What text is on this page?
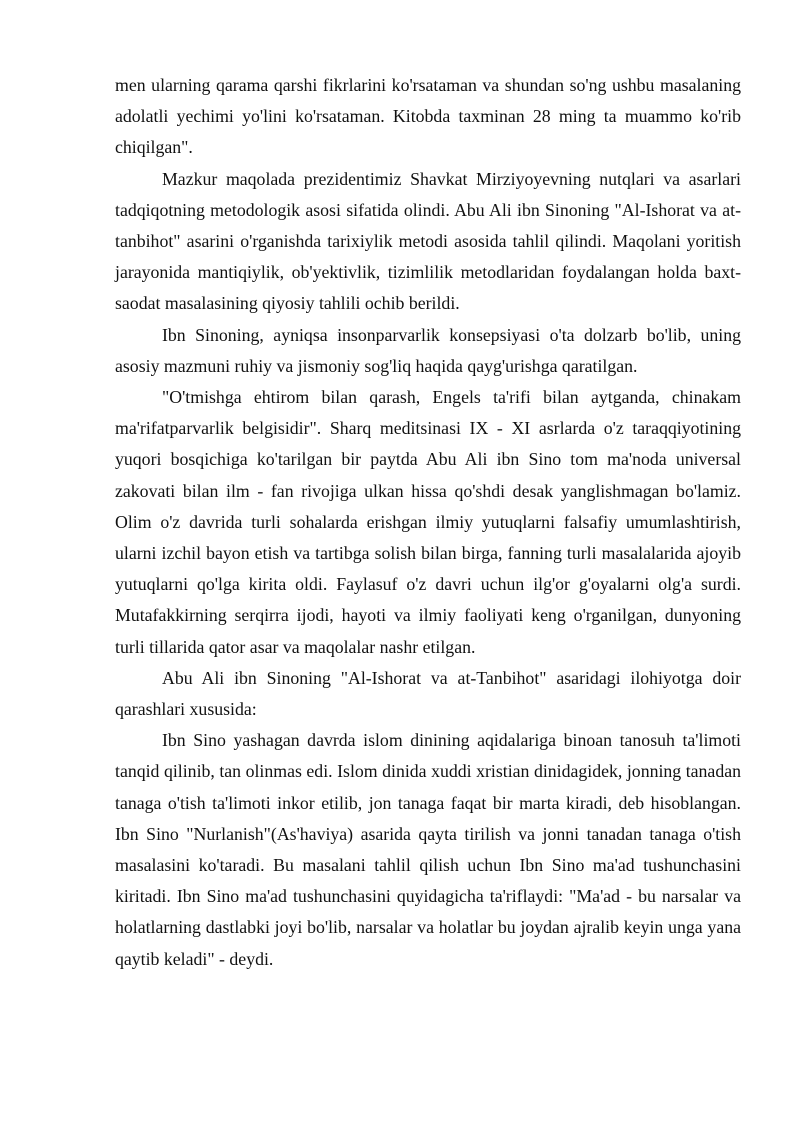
men ularning qarama qarshi fikrlarini ko'rsataman va shundan so'ng ushbu masalaning adolatli yechimi yo'lini ko'rsataman. Kitobda taxminan 28 ming ta muammo ko'rib chiqilgan".

Mazkur maqolada prezidentimiz Shavkat Mirziyoyevning nutqlari va asarlari tadqiqotning metodologik asosi sifatida olindi. Abu Ali ibn Sinoning "Al-Ishorat va at-tanbihot" asarini o'rganishda tarixiylik metodi asosida tahlil qilindi. Maqolani yoritish jarayonida mantiqiylik, ob'yektivlik, tizimlilik metodlaridan foydalangan holda baxt-saodat masalasining qiyosiy tahlili ochib berildi.

Ibn Sinoning, ayniqsa insonparvarlik konsepsiyasi o'ta dolzarb bo'lib, uning asosiy mazmuni ruhiy va jismoniy sog'liq haqida qayg'urishga qaratilgan.

"O'tmishga ehtirom bilan qarash, Engels ta'rifi bilan aytganda, chinakam ma'rifatparvarlik belgisidir". Sharq meditsinasi IX - XI asrlarda o'z taraqqiyotining yuqori bosqichiga ko'tarilgan bir paytda Abu Ali ibn Sino tom ma'noda universal zakovati bilan ilm - fan rivojiga ulkan hissa qo'shdi desak yanglishmagan bo'lamiz. Olim o'z davrida turli sohalarda erishgan ilmiy yutuqlarni falsafiy umumlashtirish, ularni izchil bayon etish va tartibga solish bilan birga, fanning turli masalalarida ajoyib yutuqlarni qo'lga kirita oldi. Faylasuf o'z davri uchun ilg'or g'oyalarni olg'a surdi. Mutafakkirning serqirra ijodi, hayoti va ilmiy faoliyati keng o'rganilgan, dunyoning turli tillarida qator asar va maqolalar nashr etilgan.

Abu Ali ibn Sinoning "Al-Ishorat va at-Tanbihot" asaridagi ilohiyotga doir qarashlari xususida:

Ibn Sino yashagan davrda islom dinining aqidalariga binoan tanosuh ta'limoti tanqid qilinib, tan olinmas edi. Islom dinida xuddi xristian dinidagidek, jonning tanadan tanaga o'tish ta'limoti inkor etilib, jon tanaga faqat bir marta kiradi, deb hisoblangan. Ibn Sino "Nurlanish"(As'haviya) asarida qayta tirilish va jonni tanadan tanaga o'tish masalasini ko'taradi. Bu masalani tahlil qilish uchun Ibn Sino ma'ad tushunchasini kiritadi. Ibn Sino ma'ad tushunchasini quyidagicha ta'riflaydi: "Ma'ad - bu narsalar va holatlarning dastlabki joyi bo'lib, narsalar va holatlar bu joydan ajralib keyin unga yana qaytib keladi" - deydi.
